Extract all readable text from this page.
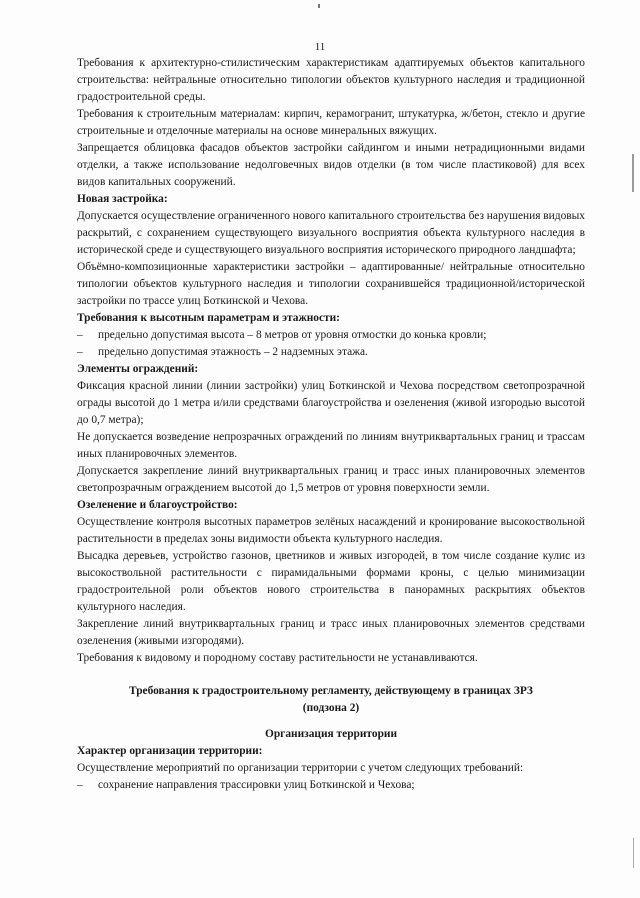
11

Требования к архитектурно-стилистическим характеристикам адаптируемых объектов капитального строительства: нейтральные относительно типологии объектов культурного наследия и традиционной градостроительной среды.

Требования к строительным материалам: кирпич, керамогранит, штукатурка, ж/бетон, стекло и другие строительные и отделочные материалы на основе минеральных вяжущих.

Запрещается облицовка фасадов объектов застройки сайдингом и иными нетрадиционными видами отделки, а также использование недолговечных видов отделки (в том числе пластиковой) для всех видов капитальных сооружений.

Новая застройка:

Допускается осуществление ограниченного нового капитального строительства без нарушения видовых раскрытий, с сохранением существующего визуального восприятия объекта культурного наследия в исторической среде и существующего визуального восприятия исторического природного ландшафта;

Объёмно-композиционные характеристики застройки – адаптированные/ нейтральные относительно типологии объектов культурного наследия и типологии сохранившейся традиционной/исторической застройки по трассе улиц Боткинской и Чехова.

Требования к высотным параметрам и этажности:

–	предельно допустимая высота – 8 метров от уровня отмостки до конька кровли;
–	предельно допустимая этажность – 2 надземных этажа.

Элементы ограждений:

Фиксация красной линии (линии застройки) улиц Боткинской и Чехова посредством светопрозрачной ограды высотой до 1 метра и/или средствами благоустройства и озеленения (живой изгородью высотой до 0,7 метра);

Не допускается возведение непрозрачных ограждений по линиям внутриквартальных границ и трассам иных планировочных элементов.

Допускается закрепление линий внутриквартальных границ и трасс иных планировочных элементов светопрозрачным ограждением высотой до 1,5 метров от уровня поверхности земли.

Озеленение и благоустройство:

Осуществление контроля высотных параметров зелёных насаждений и кронирование высокоствольной растительности в пределах зоны видимости объекта культурного наследия.

Высадка деревьев, устройство газонов, цветников и живых изгородей, в том числе создание кулис из высокоствольной растительности с пирамидальными формами кроны, с целью минимизации градостроительной роли объектов нового строительства в панорамных раскрытиях объектов культурного наследия.

Закрепление линий внутриквартальных границ и трасс иных планировочных элементов средствами озеленения (живыми изгородями).

Требования к видовому и породному составу растительности не устанавливаются.

Требования к градостроительному регламенту, действующему в границах ЗРЗ

(подзона 2)

Организация территории

Характер организации территории:

Осуществление мероприятий по организации территории с учетом следующих требований:

–	сохранение направления трассировки улиц Боткинской и Чехова;
